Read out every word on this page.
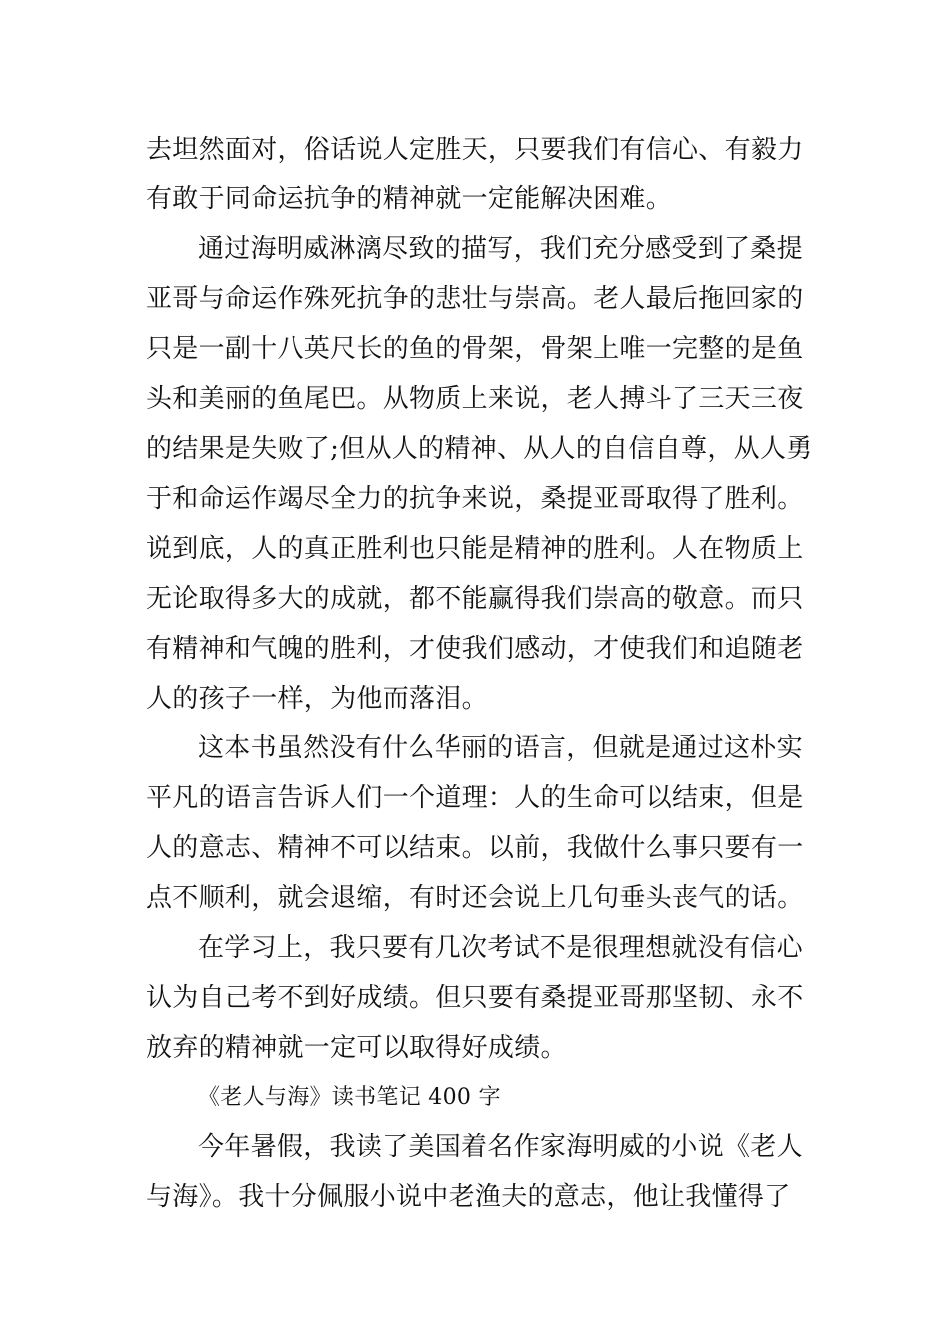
去坦然面对，俗话说人定胜天，只要我们有信心、有毅力
有敢于同命运抗争的精神就一定能解决困难。
通过海明威淋漓尽致的描写，我们充分感受到了桑提
亚哥与命运作殊死抗争的悲壮与崇高。老人最后拖回家的
只是一副十八英尺长的鱼的骨架，骨架上唯一完整的是鱼
头和美丽的鱼尾巴。从物质上来说，老人搏斗了三天三夜
的结果是失败了;但从人的精神、从人的自信自尊，从人勇
于和命运作竭尽全力的抗争来说，桑提亚哥取得了胜利。
说到底，人的真正胜利也只能是精神的胜利。人在物质上
无论取得多大的成就，都不能赢得我们崇高的敬意。而只
有精神和气魄的胜利，才使我们感动，才使我们和追随老
人的孩子一样，为他而落泪。
这本书虽然没有什么华丽的语言，但就是通过这朴实
平凡的语言告诉人们一个道理：人的生命可以结束，但是
人的意志、精神不可以结束。以前，我做什么事只要有一
点不顺利，就会退缩，有时还会说上几句垂头丧气的话。
在学习上，我只要有几次考试不是很理想就没有信心
认为自己考不到好成绩。但只要有桑提亚哥那坚韧、永不
放弃的精神就一定可以取得好成绩。
《老人与海》读书笔记 400 字
今年暑假，我读了美国着名作家海明威的小说《老人
与海》。我十分佩服小说中老渔夫的意志，他让我懂得了
